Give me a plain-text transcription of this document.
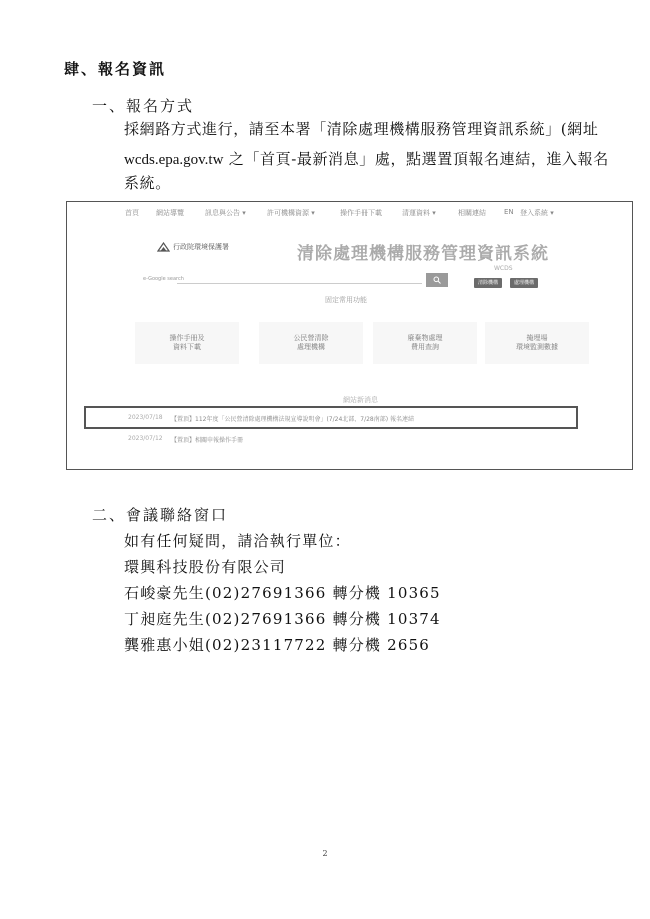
肆、報名資訊
一、報名方式
採網路方式進行，請至本署「清除處理機構服務管理資訊系統」(網址
wcds.epa.gov.tw 之「首頁-最新消息」處，點選置頂報名連結，進入報名
系統。
首頁 網站導覽	訊息與公告 ▾	許可機構資源 ▾	操作手冊下載	清運資料 ▾	相關連結	EN 登入系統 ▾
行政院環境保護署	清除處理機構服務管理資訊系統
WCDS
e-Google search
清除機構	處理機構
固定常用功能
操作手冊及
資料下載
公民營清除
處理機構
廢棄物處理
費用查詢
掩埋場
環境監測數據
網站新消息
2023/07/18 【置頂】112年度「公民營清除處理機構法規宣導說明會」(7/24北部、7/28南部) 報名連結
2023/07/12 【置頂】相關申報操作手冊
二、會議聯絡窗口
如有任何疑問，請洽執行單位：
環興科技股份有限公司
石峻豪先生(02)27691366 轉分機 10365
丁昶庭先生(02)27691366 轉分機 10374
龔雅惠小姐(02)23117722 轉分機 2656
2
